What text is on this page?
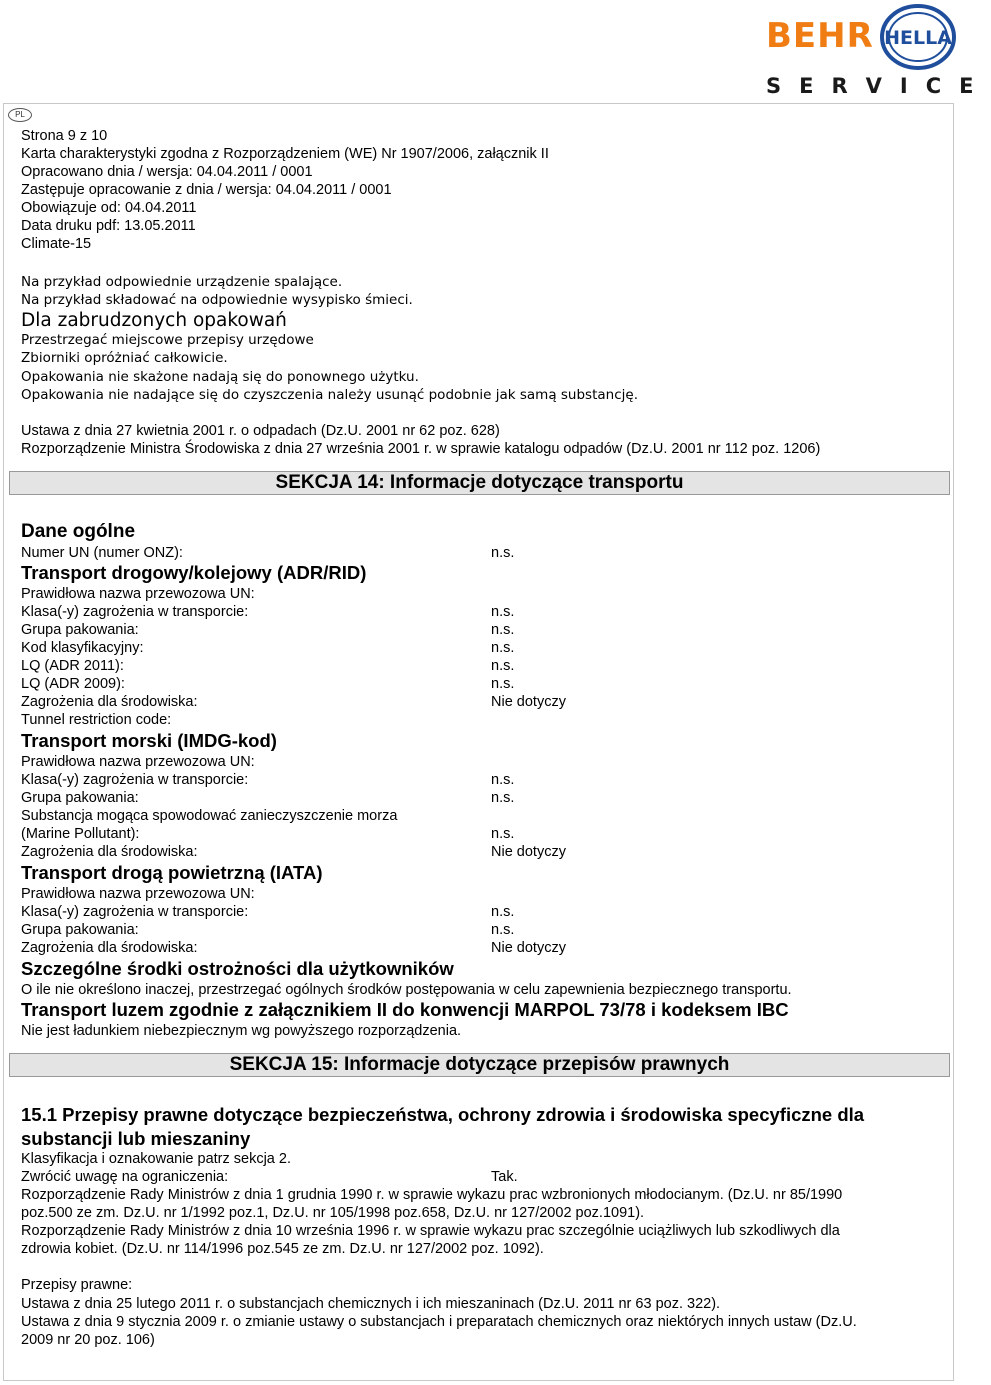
BEHR HELLA
SERVICE
PL
Strona 9 z 10
Karta charakterystyki zgodna z Rozporządzeniem (WE) Nr 1907/2006, załącznik II
Opracowano dnia / wersja: 04.04.2011 / 0001
Zastępuje opracowanie z dnia / wersja: 04.04.2011 / 0001
Obowiązuje od: 04.04.2011
Data druku pdf: 13.05.2011
Climate-15
Na przykład odpowiednie urządzenie spalające.
Na przykład składować na odpowiednie wysypisko śmieci.
Dla zabrudzonych opakowań
Przestrzegać miejscowe przepisy urzędowe
Zbiorniki opróżniać całkowicie.
Opakowania nie skażone nadają się do ponownego użytku.
Opakowania nie nadające się do czyszczenia należy usunąć podobnie jak samą substancję.
Ustawa z dnia 27 kwietnia 2001 r. o odpadach (Dz.U. 2001 nr 62 poz. 628)
Rozporządzenie Ministra Środowiska z dnia 27 września 2001 r. w sprawie katalogu odpadów (Dz.U. 2001 nr 112 poz. 1206)
SEKCJA 14: Informacje dotyczące transportu
Dane ogólne
Numer UN (numer ONZ):	n.s.
Transport drogowy/kolejowy (ADR/RID)
Prawidłowa nazwa przewozowa UN:
Klasa(-y) zagrożenia w transporcie:	n.s.
Grupa pakowania:	n.s.
Kod klasyfikacyjny:	n.s.
LQ (ADR 2011):	n.s.
LQ (ADR 2009):	n.s.
Zagrożenia dla środowiska:	Nie dotyczy
Tunnel restriction code:
Transport morski (IMDG-kod)
Prawidłowa nazwa przewozowa UN:
Klasa(-y) zagrożenia w transporcie:	n.s.
Grupa pakowania:	n.s.
Substancja mogąca spowodować zanieczyszczenie morza
(Marine Pollutant):	n.s.
Zagrożenia dla środowiska:	Nie dotyczy
Transport drogą powietrzną (IATA)
Prawidłowa nazwa przewozowa UN:
Klasa(-y) zagrożenia w transporcie:	n.s.
Grupa pakowania:	n.s.
Zagrożenia dla środowiska:	Nie dotyczy
Szczególne środki ostrożności dla użytkowników
O ile nie określono inaczej, przestrzegać ogólnych środków postępowania w celu zapewnienia bezpiecznego transportu.
Transport luzem zgodnie z załącznikiem II do konwencji MARPOL 73/78 i kodeksem IBC
Nie jest ładunkiem niebezpiecznym wg powyższego rozporządzenia.
SEKCJA 15: Informacje dotyczące przepisów prawnych
15.1 Przepisy prawne dotyczące bezpieczeństwa, ochrony zdrowia i środowiska specyficzne dla
substancji lub mieszaniny
Klasyfikacja i oznakowanie patrz sekcja 2.
Zwrócić uwagę na ograniczenia:	Tak.
Rozporządzenie Rady Ministrów z dnia 1 grudnia 1990 r. w sprawie wykazu prac wzbronionych młodocianym. (Dz.U. nr 85/1990
poz.500 ze zm. Dz.U. nr 1/1992 poz.1, Dz.U. nr 105/1998 poz.658, Dz.U. nr 127/2002 poz.1091).
Rozporządzenie Rady Ministrów z dnia 10 września 1996 r. w sprawie wykazu prac szczególnie uciążliwych lub szkodliwych dla
zdrowia kobiet. (Dz.U. nr 114/1996 poz.545 ze zm. Dz.U. nr 127/2002 poz. 1092).
Przepisy prawne:
Ustawa z dnia 25 lutego 2011 r. o substancjach chemicznych i ich mieszaninach (Dz.U. 2011 nr 63 poz. 322).
Ustawa z dnia 9 stycznia 2009 r. o zmianie ustawy o substancjach i preparatach chemicznych oraz niektórych innych ustaw (Dz.U.
2009 nr 20 poz. 106)
